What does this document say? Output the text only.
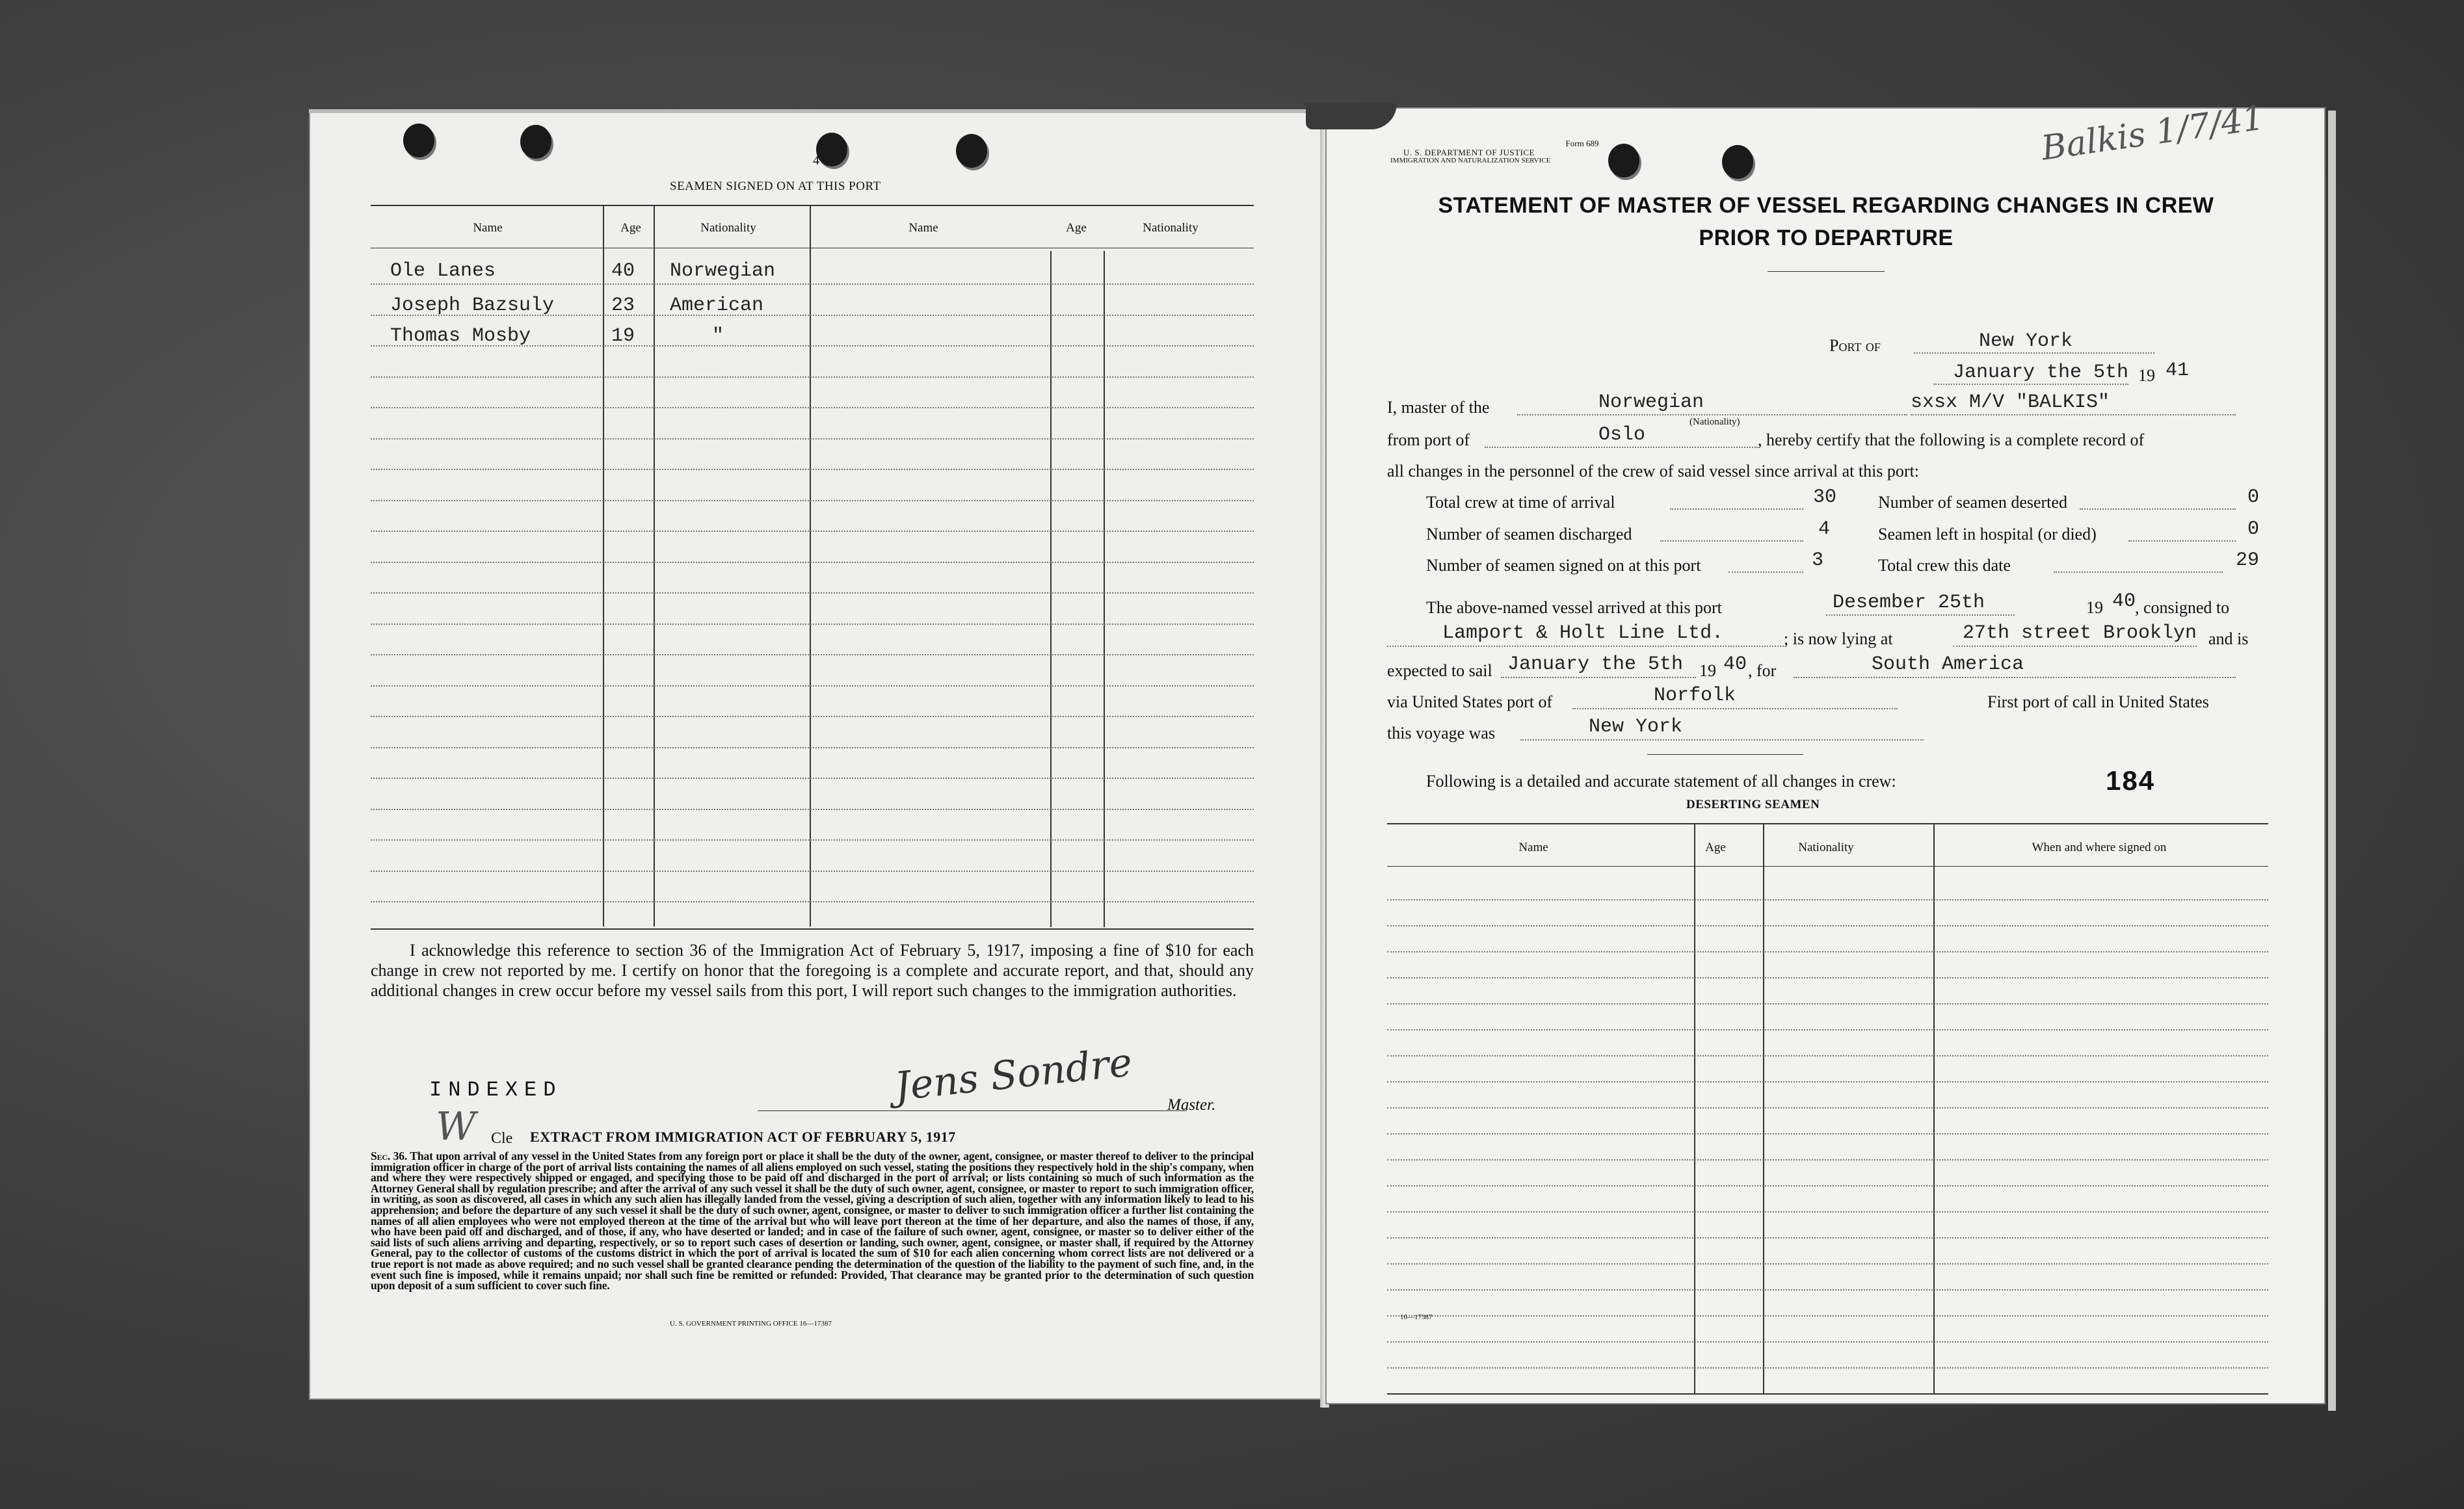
4
SEAMEN SIGNED ON AT THIS PORT
Name	Age	Nationality	Name	Age	Nationality
Ole Lanes	40 Norwegian
Joseph Bazsuly	23 American
Thomas Mosby	19	"
I acknowledge this reference to section 36 of the Immigration Act of February 5, 1917, imposing a fine of $10 for each change in crew not reported by me. I certify on honor that the foregoing is a complete and accurate report, and that, should any additional changes in crew occur before my vessel sails from this port, I will report such changes to the immigration authorities.
INDEXED	Jens Sondre Master.
W Cle EXTRACT FROM IMMIGRATION ACT OF FEBRUARY 5, 1917
Sec. 36. That upon arrival of any vessel in the United States from any foreign port or place it shall be the duty of the owner, agent, consignee, or master thereof to deliver to the principal immigration officer in charge of the port of arrival lists containing the names of all aliens employed on such vessel, stating the positions they respectively hold in the ship's company, when and where they were respectively shipped or engaged, and specifying those to be paid off and discharged in the port of arrival; or lists containing so much of such information as the Attorney General shall by regulation prescribe; and after the arrival of any such vessel it shall be the duty of such owner, agent, consignee, or master to report to such immigration officer, in writing, as soon as discovered, all cases in which any such alien has illegally landed from the vessel, giving a description of such alien, together with any information likely to lead to his apprehension; and before the departure of any such vessel it shall be the duty of such owner, agent, consignee, or master to deliver to such immigration officer a further list containing the names of all alien employees who were not employed thereon at the time of the arrival but who will leave port thereon at the time of her departure, and also the names of those, if any, who have been paid off and discharged, and of those, if any, who have deserted or landed; and in case of the failure of such owner, agent, consignee, or master so to deliver either of the said lists of such aliens arriving and departing, respectively, or so to report such cases of desertion or landing, such owner, agent, consignee, or master shall, if required by the Attorney General, pay to the collector of customs of the customs district in which the port of arrival is located the sum of $10 for each alien concerning whom correct lists are not delivered or a true report is not made as above required; and no such vessel shall be granted clearance pending the determination of the question of the liability to the payment of such fine, and, in the event such fine is imposed, while it remains unpaid; nor shall such fine be remitted or refunded: Provided, That clearance may be granted prior to the determination of such question upon deposit of a sum sufficient to cover such fine.
U. S. GOVERNMENT PRINTING OFFICE 16—17387
Form 689
U. S. DEPARTMENT OF JUSTICE
IMMIGRATION AND NATURALIZATION SERVICE	Balkis 1/7/41
STATEMENT OF MASTER OF VESSEL REGARDING CHANGES IN CREW
PRIOR TO DEPARTURE
Port of	New York
January the 5th 19 41
I, master of the	Norwegian
(Nationality)
sxsx M/V "BALKIS"
from port of	Oslo	, hereby certify that the following is a complete record of
all changes in the personnel of the crew of said vessel since arrival at this port:
Total crew at time of arrival	30
Number of seamen discharged	4
Number of seamen signed on at this port	3
Number of seamen deserted	0
Seamen left in hospital (or died)	0
Total crew this date	29
The above-named vessel arrived at this port	Desember 25th	19 40
, consigned to
Lamport & Holt Line Ltd.	; is now lying at	27th street Brooklyn and is
expected to sail January the 5th 19 40 , for	South America
via United States port of	Norfolk	First port of call in United States
this voyage was	New York
Following is a detailed and accurate statement of all changes in crew:	184
DESERTING SEAMEN
Name	Age	Nationality	When and where signed on
16—17387
